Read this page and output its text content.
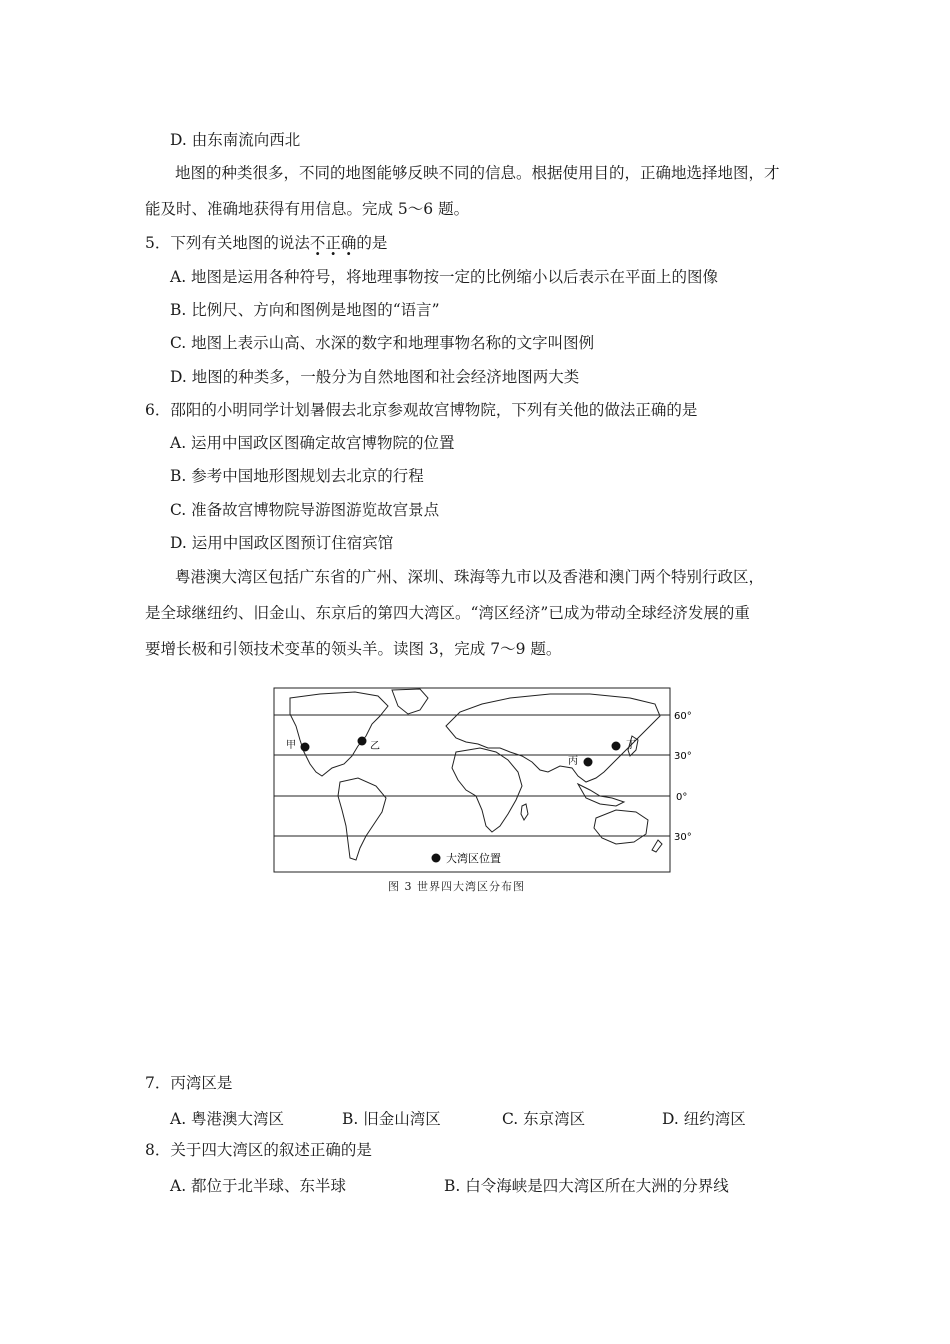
D. 由东南流向西北
地图的种类很多，不同的地图能够反映不同的信息。根据使用目的，正确地选择地图，才
能及时、准确地获得有用信息。完成 5～6 题。
5．下列有关地图的说法不正确的是
A. 地图是运用各种符号，将地理事物按一定的比例缩小以后表示在平面上的图像
B. 比例尺、方向和图例是地图的“语言”
C. 地图上表示山高、水深的数字和地理事物名称的文字叫图例
D. 地图的种类多，一般分为自然地图和社会经济地图两大类
6．邵阳的小明同学计划暑假去北京参观故宫博物院，下列有关他的做法正确的是
A. 运用中国政区图确定故宫博物院的位置
B. 参考中国地形图规划去北京的行程
C. 准备故宫博物院导游图游览故宫景点
D. 运用中国政区图预订住宿宾馆
粤港澳大湾区包括广东省的广州、深圳、珠海等九市以及香港和澳门两个特别行政区，
是全球继纽约、旧金山、东京后的第四大湾区。“湾区经济”已成为带动全球经济发展的重
要增长极和引领技术变革的领头羊。读图 3，完成 7～9 题。
甲	乙
丙
丁
60°
30°
0°
30°
大湾区位置
图 3 世界四大湾区分布图
7．丙湾区是
A. 粤港澳大湾区	B. 旧金山湾区	C. 东京湾区	D. 纽约湾区
8．关于四大湾区的叙述正确的是
A. 都位于北半球、东半球	B. 白令海峡是四大湾区所在大洲的分界线
